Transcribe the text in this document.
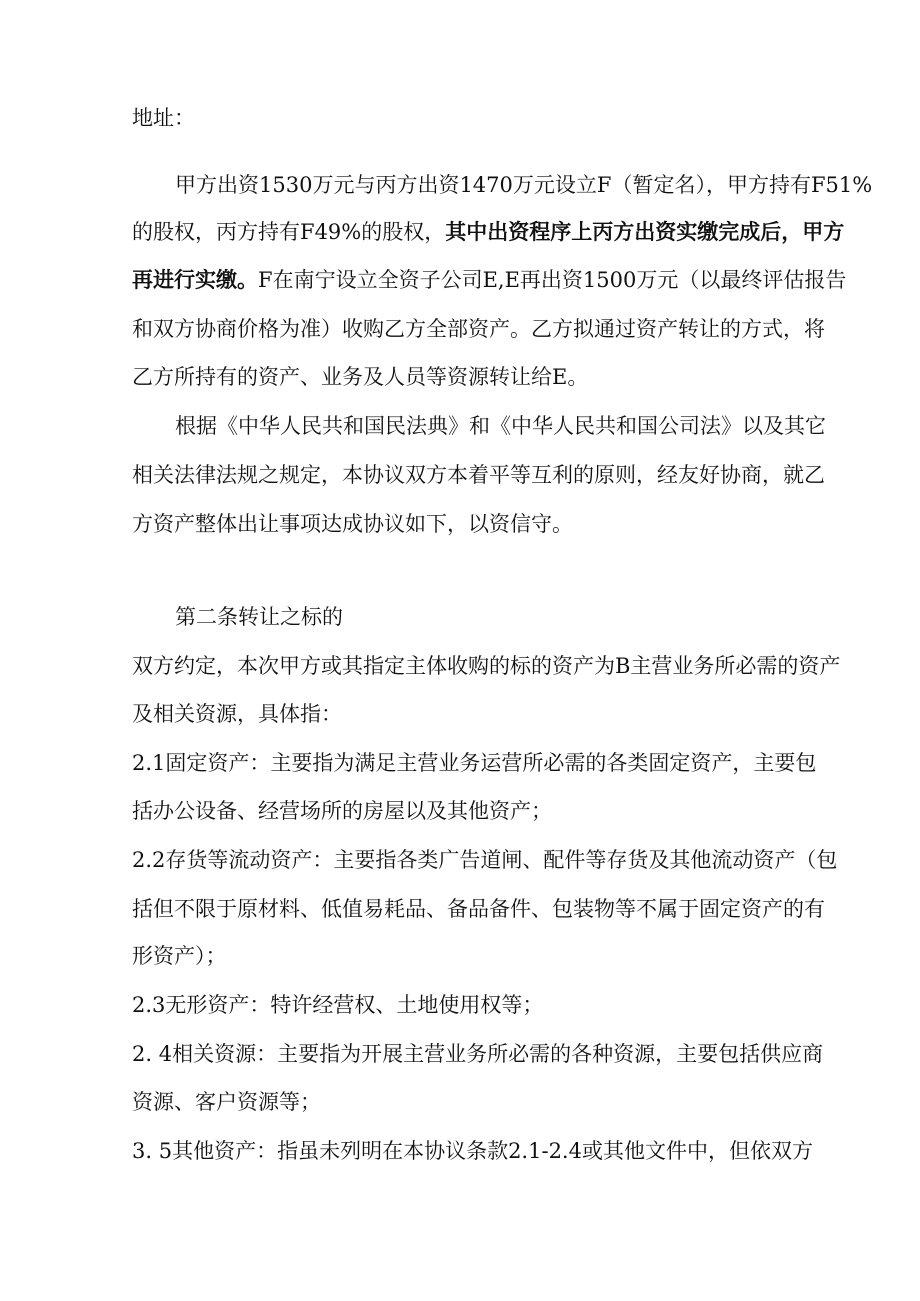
地址：
甲方出资1530万元与丙方出资1470万元设立F（暂定名），甲方持有F51%
的股权，丙方持有F49%的股权，其中出资程序上丙方出资实缴完成后，甲方
再进行实缴。F在南宁设立全资子公司E,E再出资1500万元（以最终评估报告
和双方协商价格为准）收购乙方全部资产。乙方拟通过资产转让的方式，将
乙方所持有的资产、业务及人员等资源转让给E。
根据《中华人民共和国民法典》和《中华人民共和国公司法》以及其它
相关法律法规之规定，本协议双方本着平等互利的原则，经友好协商，就乙
方资产整体出让事项达成协议如下，以资信守。
第二条转让之标的
双方约定，本次甲方或其指定主体收购的标的资产为B主营业务所必需的资产
及相关资源，具体指：
2.1固定资产：主要指为满足主营业务运营所必需的各类固定资产，主要包
括办公设备、经营场所的房屋以及其他资产；
2.2存货等流动资产：主要指各类广告道闸、配件等存货及其他流动资产（包
括但不限于原材料、低值易耗品、备品备件、包装物等不属于固定资产的有
形资产）；
2.3无形资产：特许经营权、土地使用权等；
2. 4相关资源：主要指为开展主营业务所必需的各种资源，主要包括供应商
资源、客户资源等；
3. 5其他资产：指虽未列明在本协议条款2.1-2.4或其他文件中，但依双方
